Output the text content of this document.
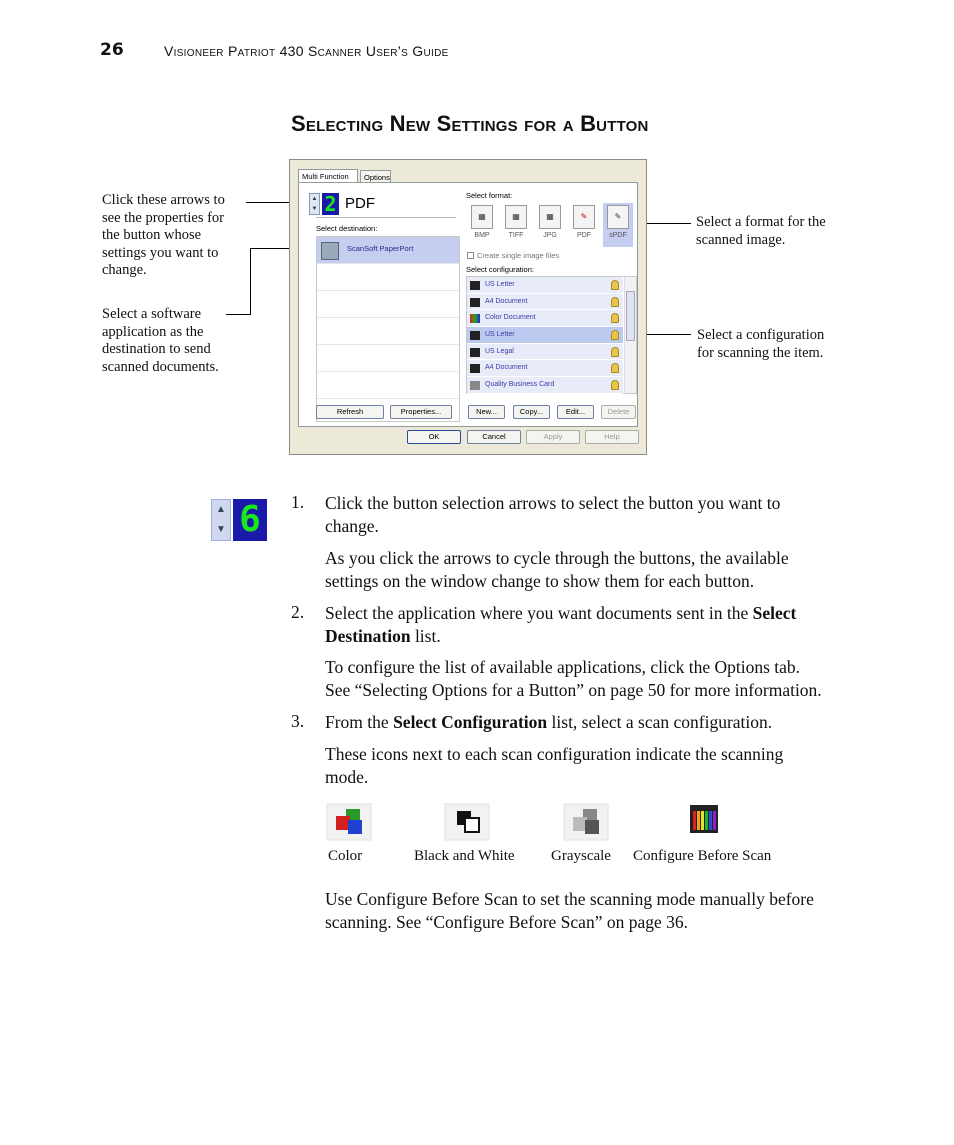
26	Visioneer Patriot 430 Scanner User’s Guide
Selecting New Settings for a Button
Click these arrows to
see the properties for
the button whose
settings you want to
change.
Select a software
application as the
destination to send
scanned documents.
Select a format for the
scanned image.
Select a configuration
for scanning the item.
Multi Function	Options
▲
▼ 2 PDF
Select destination:
ScanSoft PaperPort
Select format:
▦
BMP
▦
TIFF
▦
JPG
✎
PDF
✎
sPDF
Create single image files
Select configuration:
US Letter
A4 Document
Color Document
US Letter
US Legal
A4 Document
Quality Business Card
Refresh	Properties...	New...	Copy...	Edit...	Delete
OK	Cancel	Apply	Help
▲
▼ 6	1. Click the button selection arrows to select the button you want to
change.
As you click the arrows to cycle through the buttons, the available
settings on the window change to show them for each button.
2. Select the application where you want documents sent in the Select
Destination list.
To configure the list of available applications, click the Options tab.
See “Selecting Options for a Button” on page 50 for more information.
3. From the Select Configuration list, select a scan configuration.
These icons next to each scan configuration indicate the scanning
mode.
Color	Black and White Grayscale Configure Before Scan
Use Configure Before Scan to set the scanning mode manually before
scanning. See “Configure Before Scan” on page 36.
